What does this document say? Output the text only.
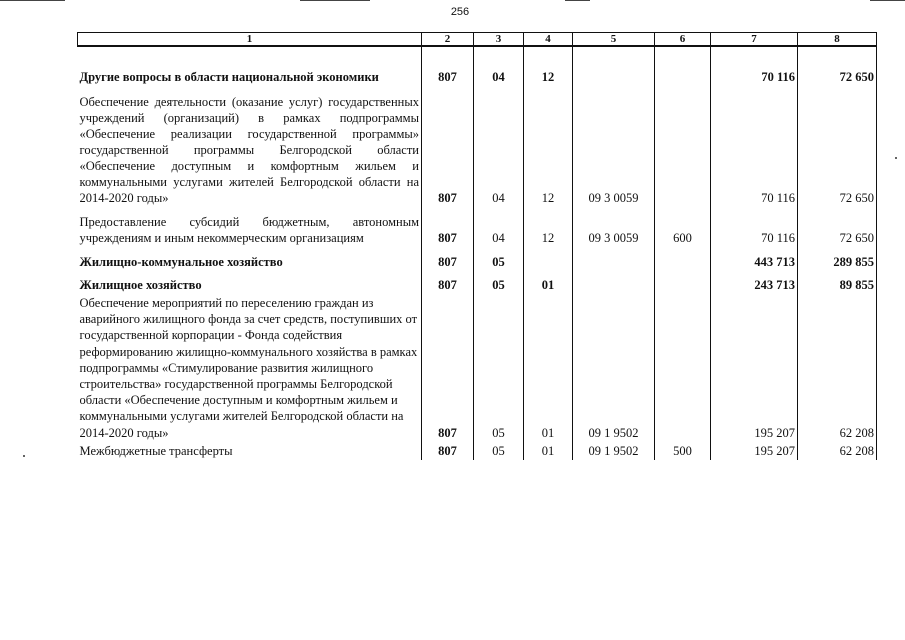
256
1	2	3	4	5	6	7	8
Другие вопросы в области национальной экономики	807	04	12			70 116	72 650
Обеспечение деятельности (оказание услуг) государственных учреждений (организаций) в рамках подпрограммы «Обеспечение реализации государственной программы» государственной программы Белгородской области «Обеспечение доступным и комфортным жильем и коммунальными услугами жителей Белгородской области на 2014-2020 годы»	807	04	12	09 3 0059		70 116	72 650
Предоставление субсидий бюджетным, автономным учреждениям и иным некоммерческим организациям	807	04	12	09 3 0059	600	70 116	72 650
Жилищно-коммунальное хозяйство	807	05				443 713	289 855
Жилищное хозяйство	807	05	01			243 713	89 855
Обеспечение мероприятий по переселению граждан из аварийного жилищного фонда за счет средств, поступивших от государственной корпорации - Фонда содействия реформированию жилищно-коммунального хозяйства в рамках подпрограммы «Стимулирование развития жилищного строительства» государственной программы Белгородской области «Обеспечение доступным и комфортным жильем и коммунальными услугами жителей Белгородской области на 2014-2020 годы»	807	05	01	09 1 9502		195 207	62 208
Межбюджетные трансферты	807	05	01	09 1 9502	500	195 207	62 208
